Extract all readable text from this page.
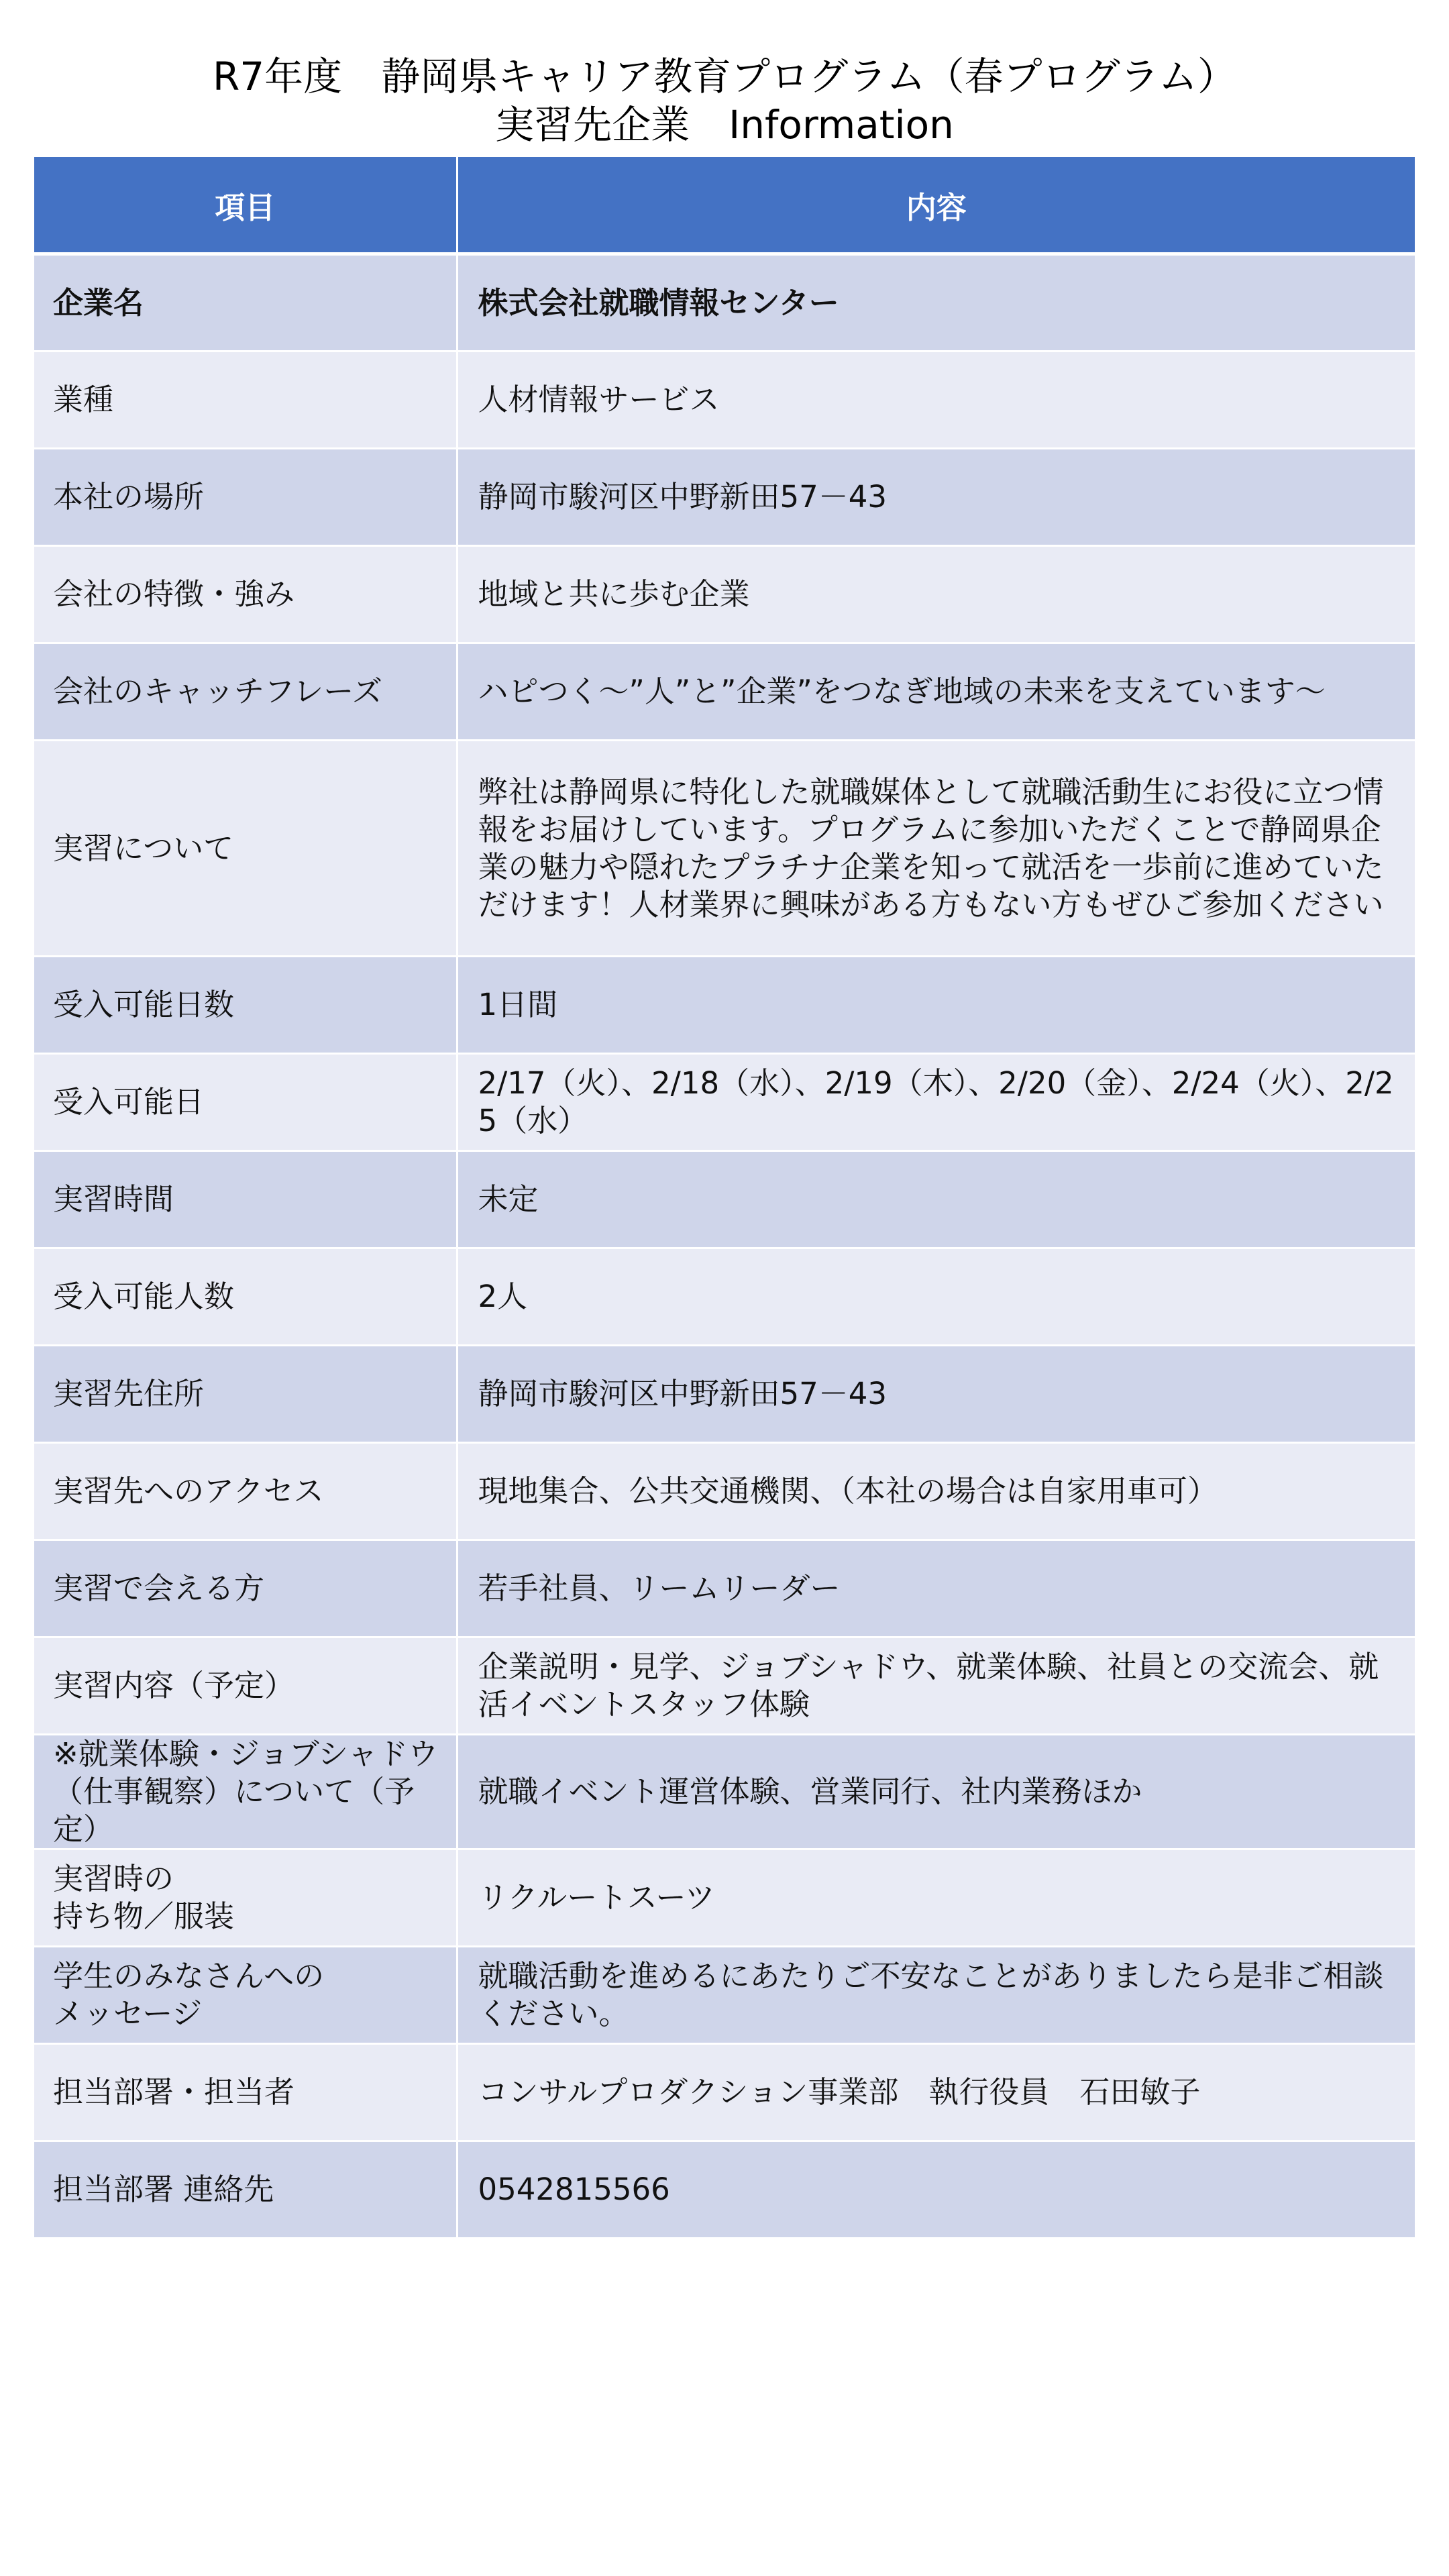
R7年度　静岡県キャリア教育プログラム（春プログラム）
実習先企業　Information
項目	内容
企業名	株式会社就職情報センター
業種	人材情報サービス
本社の場所	静岡市駿河区中野新田57－43
会社の特徴・強み	地域と共に歩む企業
会社のキャッチフレーズ	ハピつく～”人”と”企業”をつなぎ地域の未来を支えています～
実習について	弊社は静岡県に特化した就職媒体として就職活動生にお役に立つ情報をお届けしています。プログラムに参加いただくことで静岡県企業の魅力や隠れたプラチナ企業を知って就活を一歩前に進めていただけます！人材業界に興味がある方もない方もぜひご参加ください
受入可能日数	1日間
受入可能日	2/17（火）、2/18（水）、2/19（木）、2/20（金）、2/24（火）、2/25（水）
実習時間	未定
受入可能人数	2人
実習先住所	静岡市駿河区中野新田57－43
実習先へのアクセス	現地集合、公共交通機関、（本社の場合は自家用車可）
実習で会える方	若手社員、リームリーダー
実習内容（予定）	企業説明・見学、ジョブシャドウ、就業体験、社員との交流会、就活イベントスタッフ体験
※就業体験・ジョブシャドウ（仕事観察）について（予定）	就職イベント運営体験、営業同行、社内業務ほか
実習時の
持ち物／服装	リクルートスーツ
学生のみなさんへの
メッセージ	就職活動を進めるにあたりご不安なことがありましたら是非ご相談ください。
担当部署・担当者	コンサルプロダクション事業部　執行役員　石田敏子
担当部署 連絡先	0542815566
